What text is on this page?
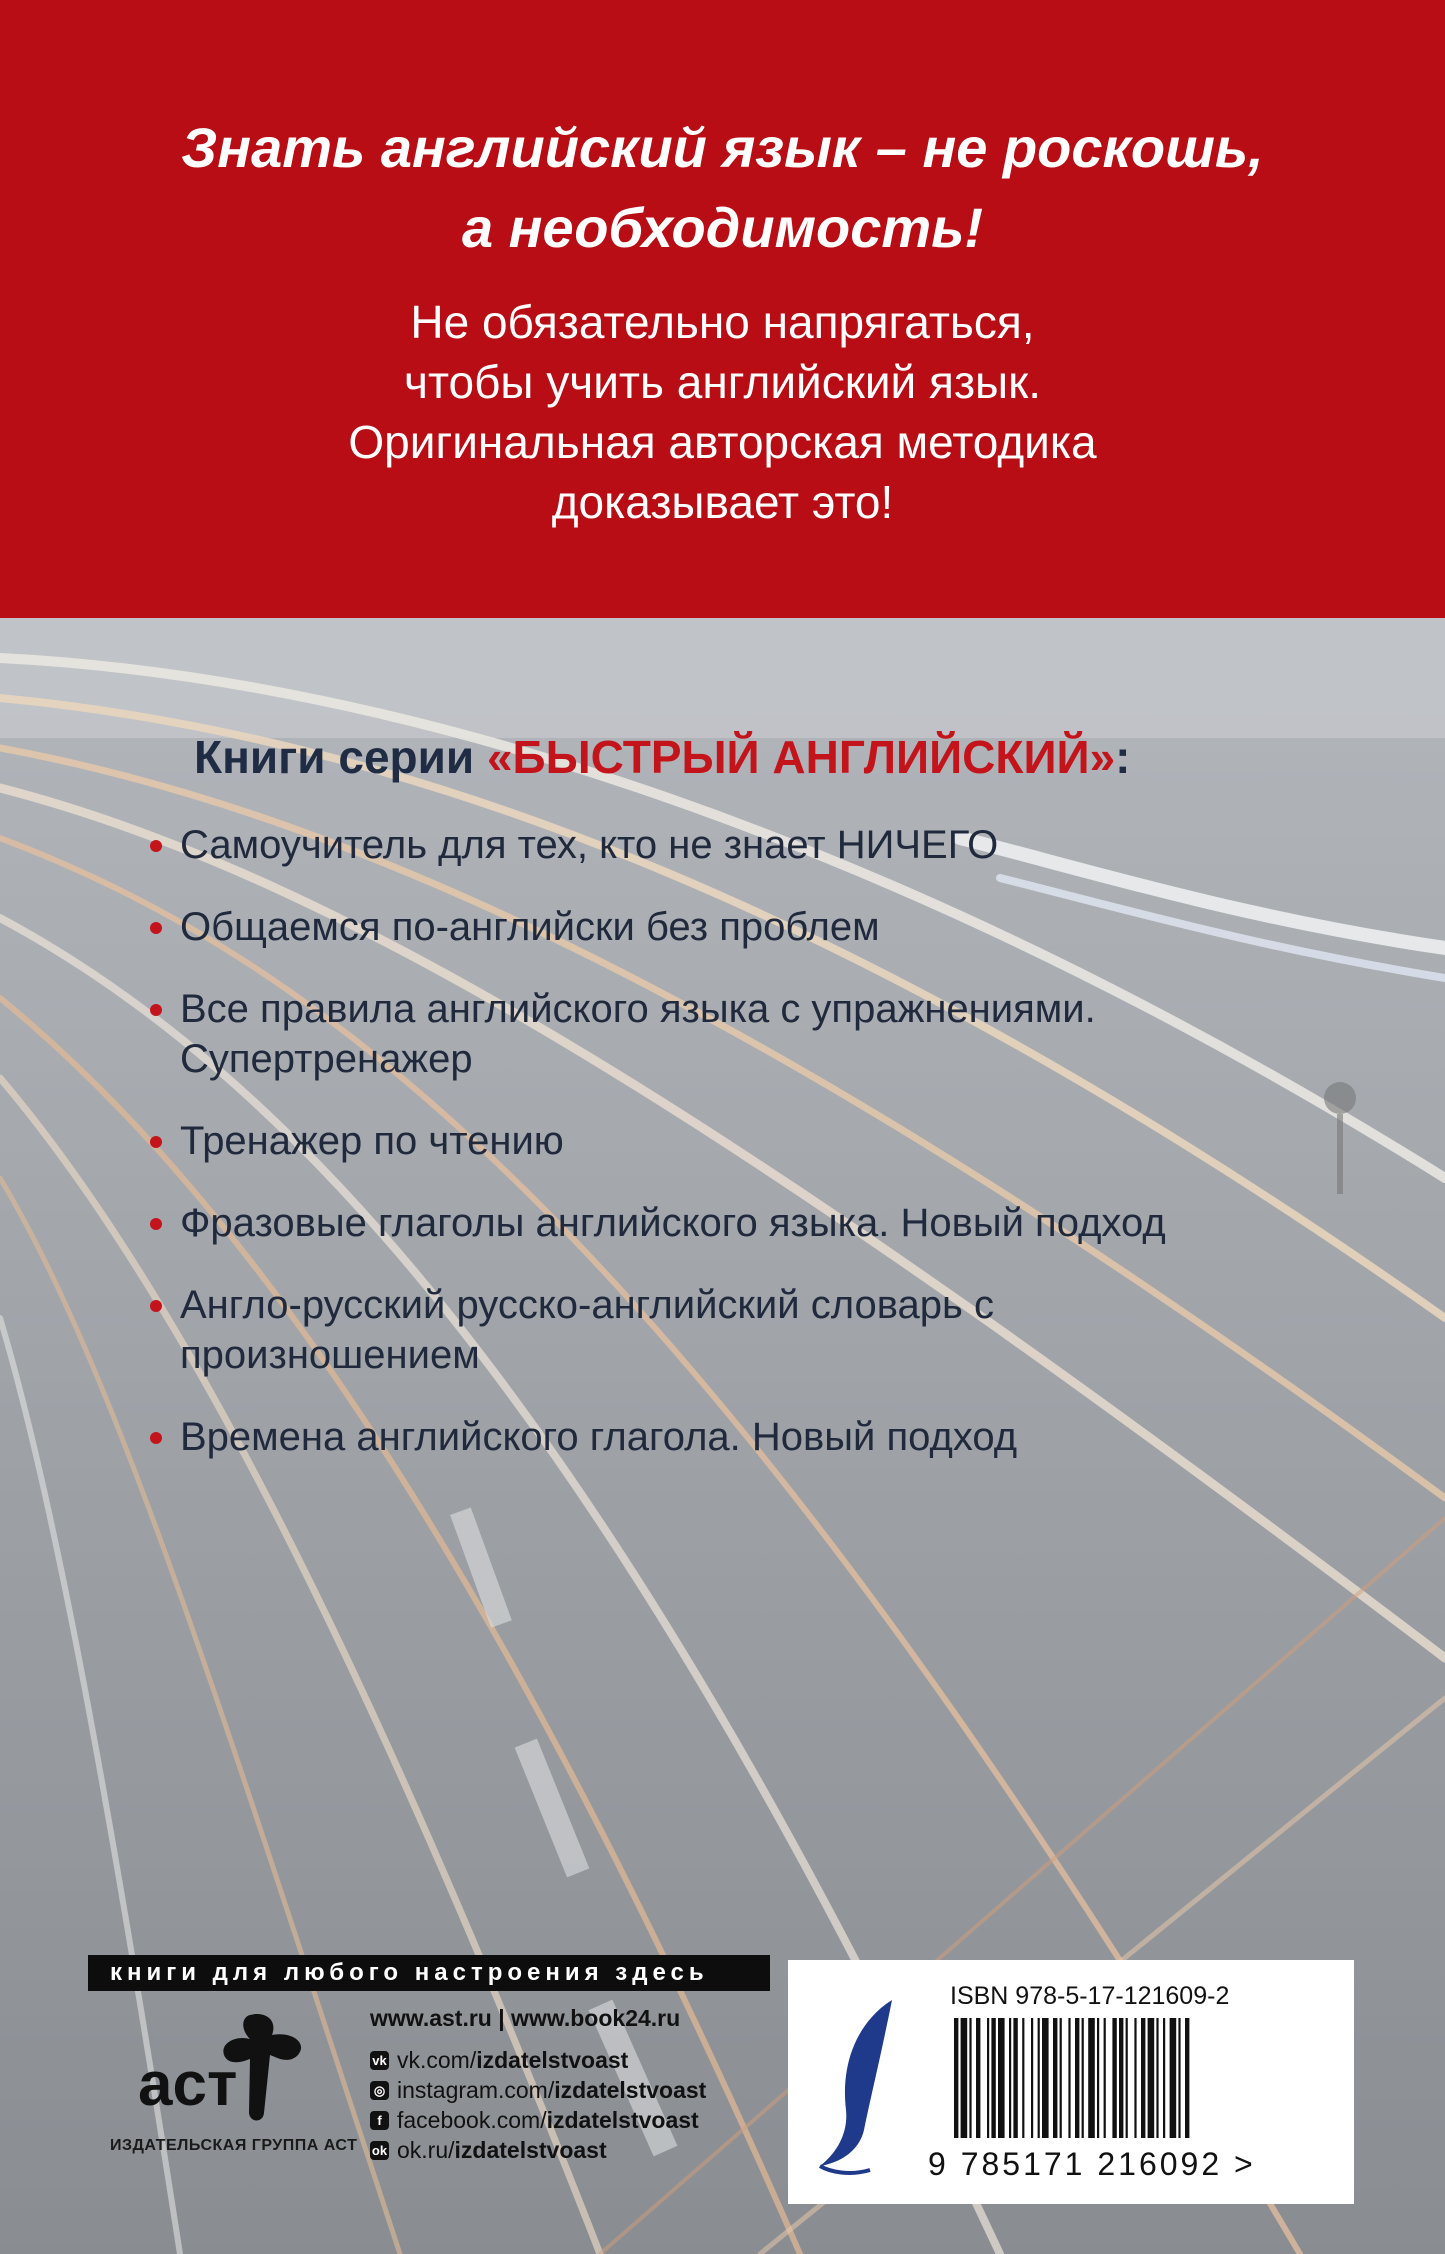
Знать английский язык – не роскошь,
а необходимость!
Не обязательно напрягаться,
чтобы учить английский язык.
Оригинальная авторская методика
доказывает это!
Книги серии «БЫСТРЫЙ АНГЛИЙСКИЙ»:
Самоучитель для тех, кто не знает НИЧЕГО
Общаемся по-английски без проблем
Все правила английского языка с упражнениями. Супертренажер
Тренажер по чтению
Фразовые глаголы английского языка. Новый подход
Англо-русский русско-английский словарь с произношением
Времена английского глагола. Новый подход
книги для любого настроения здесь
аст
ИЗДАТЕЛЬСКАЯ ГРУППА АСТ
www.ast.ru | www.book24.ru
vk vk.com/ izdatelstvoast
◎ instagram.com/ izdatelstvoast
f facebook.com/ izdatelstvoast
ok ok.ru/ izdatelstvoast
ISBN 978-5-17-121609-2
9 785171 216092 >
